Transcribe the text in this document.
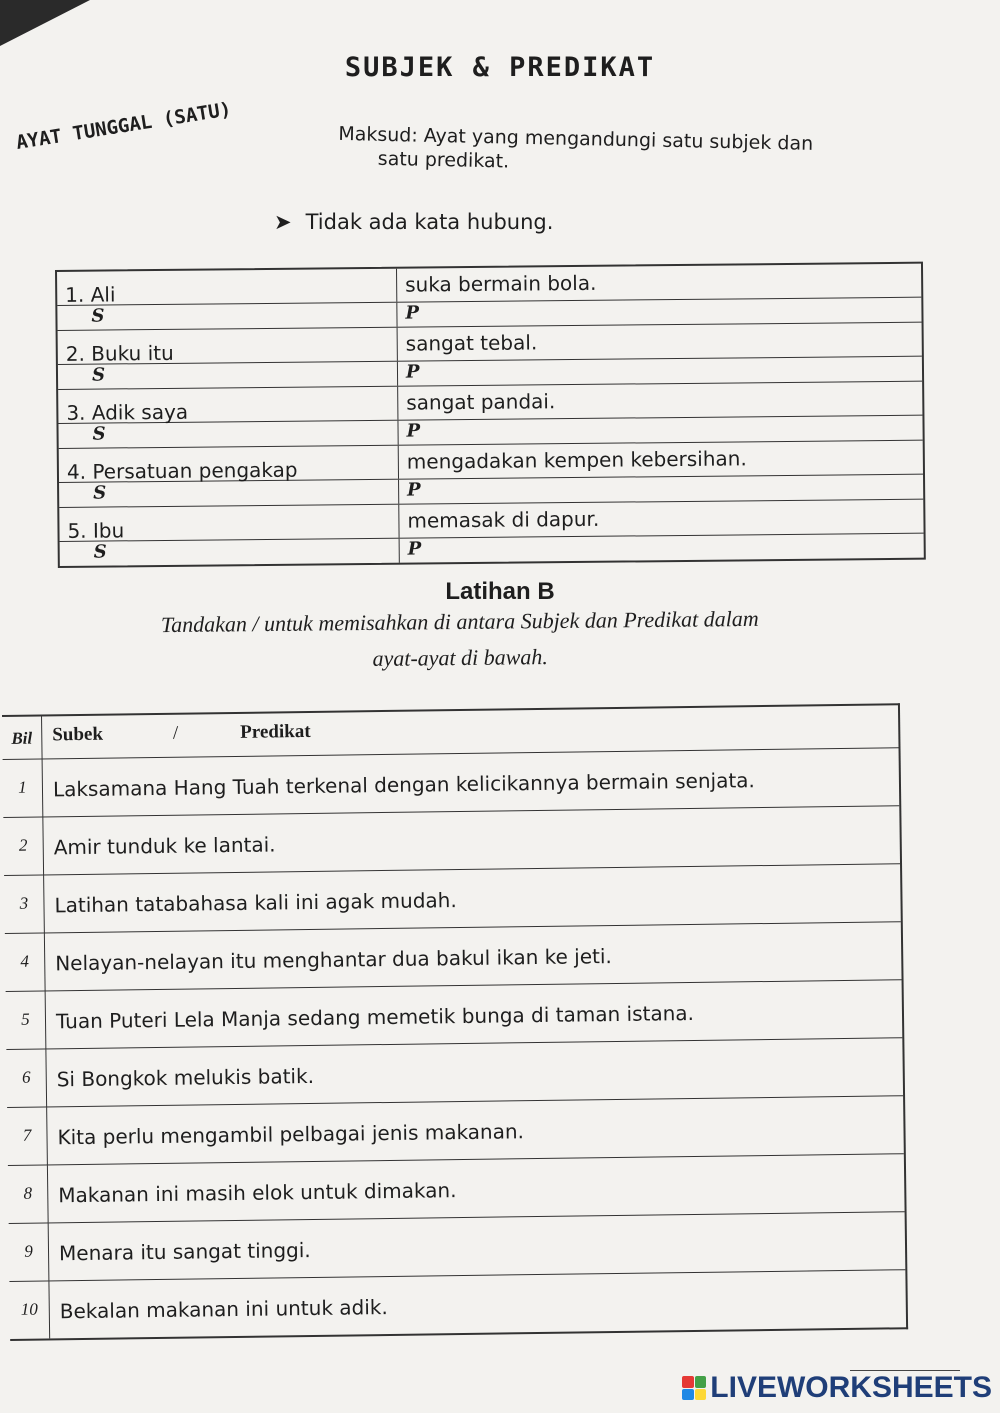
SUBJEK & PREDIKAT
AYAT TUNGGAL (SATU)	Maksud: Ayat yang mengandungi satu subjek dan
satu predikat.
➤ Tidak ada kata hubung.
1. Ali	suka bermain bola.
S	P
2. Buku itu	sangat tebal.
S	P
3. Adik saya	sangat pandai.
S	P
4. Persatuan pengakap	mengadakan kempen kebersihan.
S	P
5. Ibu	memasak di dapur.
S	P
Latihan B
Tandakan / untuk memisahkan di antara Subjek dan Predikat dalam
ayat-ayat di bawah.
Bil	Subek	/	Predikat
1	Laksamana Hang Tuah terkenal dengan kelicikannya bermain senjata.
2	Amir tunduk ke lantai.
3	Latihan tatabahasa kali ini agak mudah.
4	Nelayan-nelayan itu menghantar dua bakul ikan ke jeti.
5	Tuan Puteri Lela Manja sedang memetik bunga di taman istana.
6	Si Bongkok melukis batik.
7	Kita perlu mengambil pelbagai jenis makanan.
8	Makanan ini masih elok untuk dimakan.
9	Menara itu sangat tinggi.
10	Bekalan makanan ini untuk adik.
LIVEWORKSHEETS
